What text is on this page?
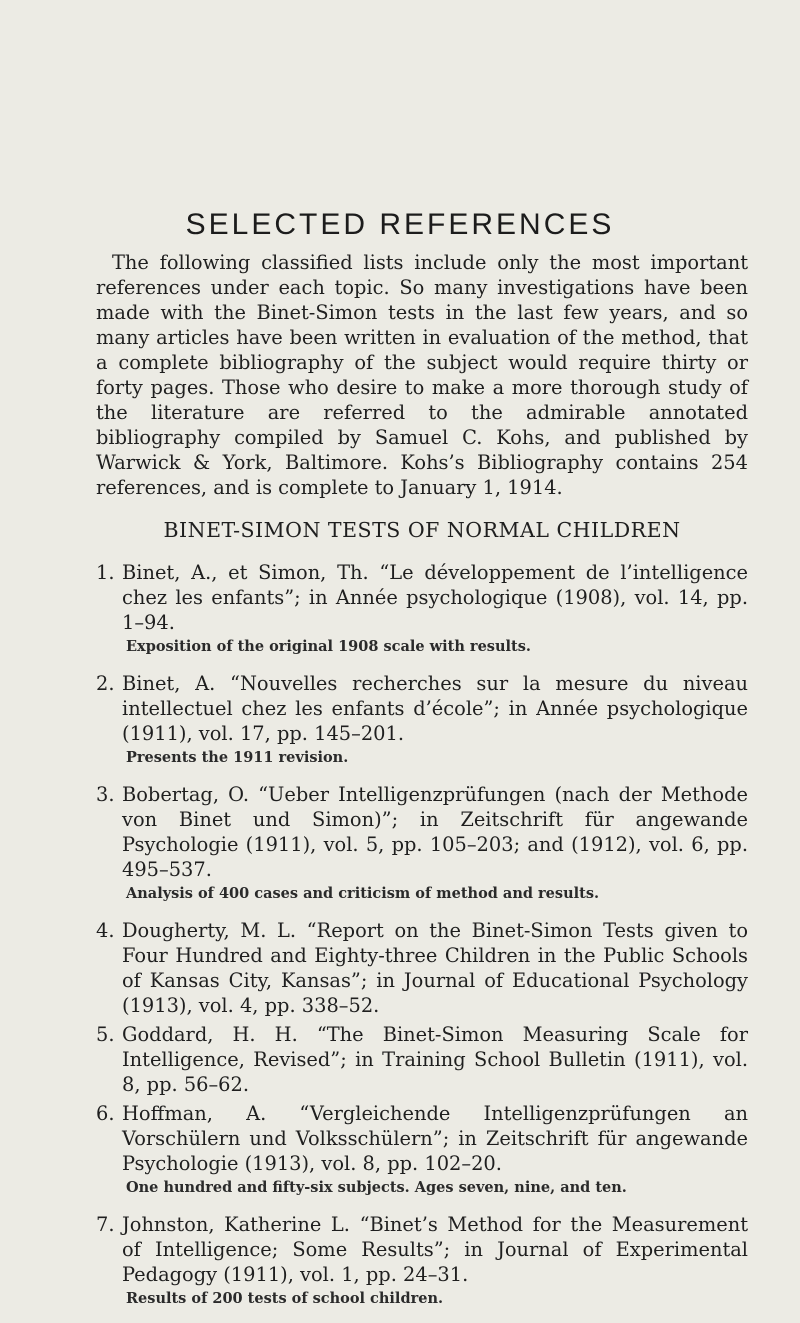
SELECTED REFERENCES

The following classified lists include only the most important references under each topic. So many investigations have been made with the Binet-Simon tests in the last few years, and so many articles have been written in evaluation of the method, that a complete bibliography of the subject would require thirty or forty pages. Those who desire to make a more thorough study of the literature are referred to the admirable annotated bibliography compiled by Samuel C. Kohs, and published by Warwick & York, Baltimore. Kohs’s Bibliography contains 254 references, and is complete to January 1, 1914.

BINET-SIMON TESTS OF NORMAL CHILDREN
1. Binet, A., et Simon, Th. “Le développement de l’intelligence chez les enfants”; in Année psychologique (1908), vol. 14, pp. 1–94.

Exposition of the original 1908 scale with results.

2. Binet, A. “Nouvelles recherches sur la mesure du niveau intellectuel chez les enfants d’école”; in Année psychologique (1911), vol. 17, pp. 145–201.

Presents the 1911 revision.

3. Bobertag, O. “Ueber Intelligenzprüfungen (nach der Methode von Binet und Simon)”; in Zeitschrift für angewande Psychologie (1911), vol. 5, pp. 105–203; and (1912), vol. 6, pp. 495–537.

Analysis of 400 cases and criticism of method and results.

4. Dougherty, M. L. “Report on the Binet-Simon Tests given to Four Hundred and Eighty-three Children in the Public Schools of Kansas City, Kansas”; in Journal of Educational Psychology (1913), vol. 4, pp. 338–52.

5. Goddard, H. H. “The Binet-Simon Measuring Scale for Intelligence, Revised”; in Training School Bulletin (1911), vol. 8, pp. 56–62.

6. Hoffman, A. “Vergleichende Intelligenzprüfungen an Vorschülern und Volksschülern”; in Zeitschrift für angewande Psychologie (1913), vol. 8, pp. 102–20.

One hundred and fifty-six subjects. Ages seven, nine, and ten.

7. Johnston, Katherine L. “Binet’s Method for the Measurement of Intelligence; Some Results”; in Journal of Experimental Pedagogy (1911), vol. 1, pp. 24–31.

Results of 200 tests of school children.
